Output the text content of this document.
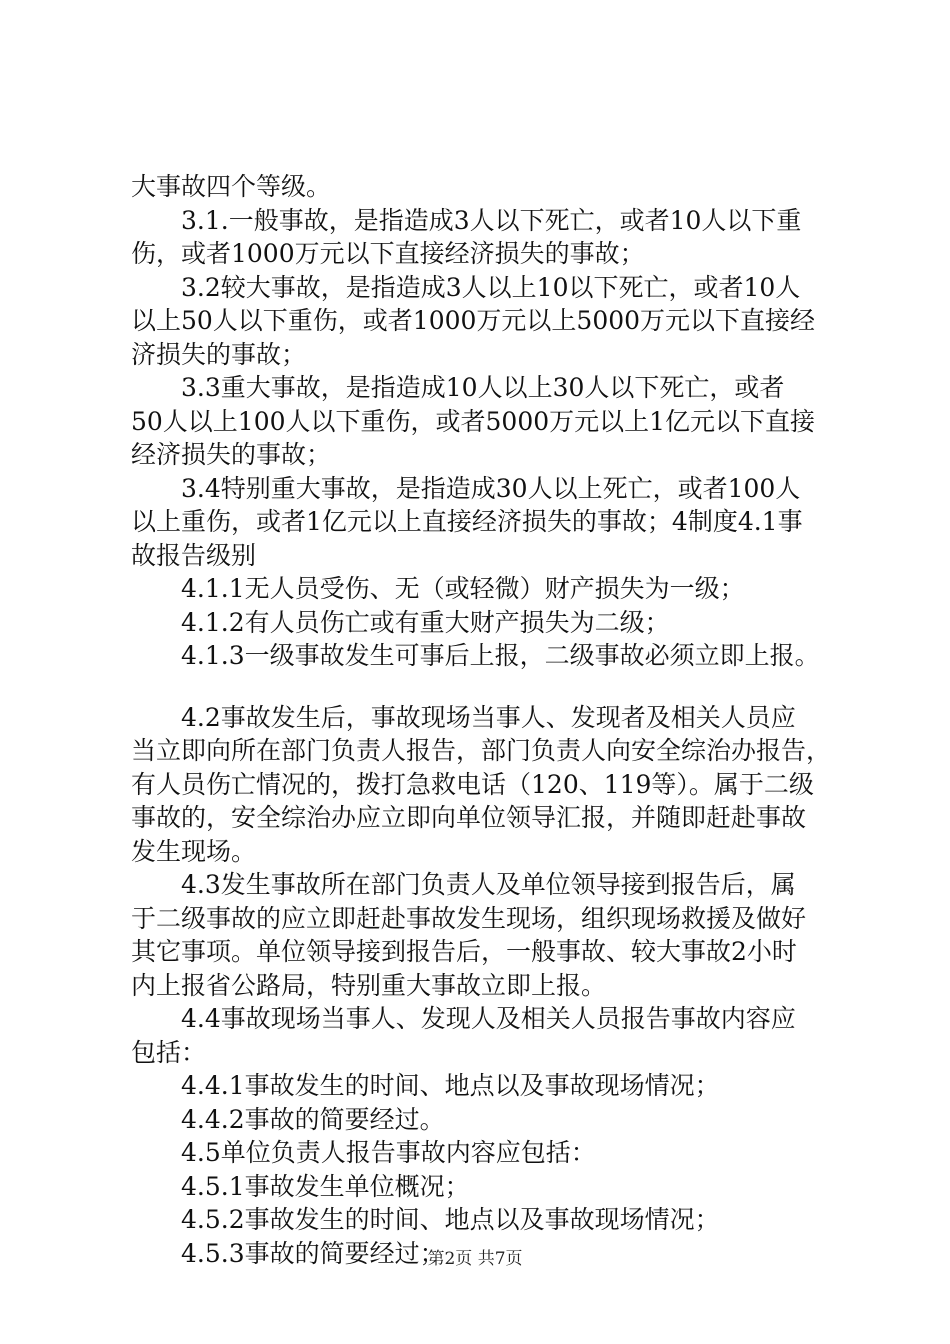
大事故四个等级。
　　3.1.一般事故，是指造成3人以下死亡，或者10人以下重
伤，或者1000万元以下直接经济损失的事故；
　　3.2较大事故，是指造成3人以上10以下死亡，或者10人
以上50人以下重伤，或者1000万元以上5000万元以下直接经
济损失的事故；
　　3.3重大事故，是指造成10人以上30人以下死亡，或者
50人以上100人以下重伤，或者5000万元以上1亿元以下直接
经济损失的事故；
　　3.4特别重大事故，是指造成30人以上死亡，或者100人
以上重伤，或者1亿元以上直接经济损失的事故；4制度4.1事
故报告级别
　　4.1.1无人员受伤、无（或轻微）财产损失为一级；
　　4.1.2有人员伤亡或有重大财产损失为二级；
　　4.1.3一级事故发生可事后上报，二级事故必须立即上报。
　　4.2事故发生后，事故现场当事人、发现者及相关人员应
当立即向所在部门负责人报告，部门负责人向安全综治办报告，
有人员伤亡情况的，拨打急救电话（120、119等）。属于二级
事故的，安全综治办应立即向单位领导汇报，并随即赶赴事故
发生现场。
　　4.3发生事故所在部门负责人及单位领导接到报告后，属
于二级事故的应立即赶赴事故发生现场，组织现场救援及做好
其它事项。单位领导接到报告后，一般事故、较大事故2小时
内上报省公路局，特别重大事故立即上报。
　　4.4事故现场当事人、发现人及相关人员报告事故内容应
包括：
　　4.4.1事故发生的时间、地点以及事故现场情况；
　　4.4.2事故的简要经过。
　　4.5单位负责人报告事故内容应包括：
　　4.5.1事故发生单位概况；
　　4.5.2事故发生的时间、地点以及事故现场情况；
　　4.5.3事故的简要经过；
第2页 共7页
